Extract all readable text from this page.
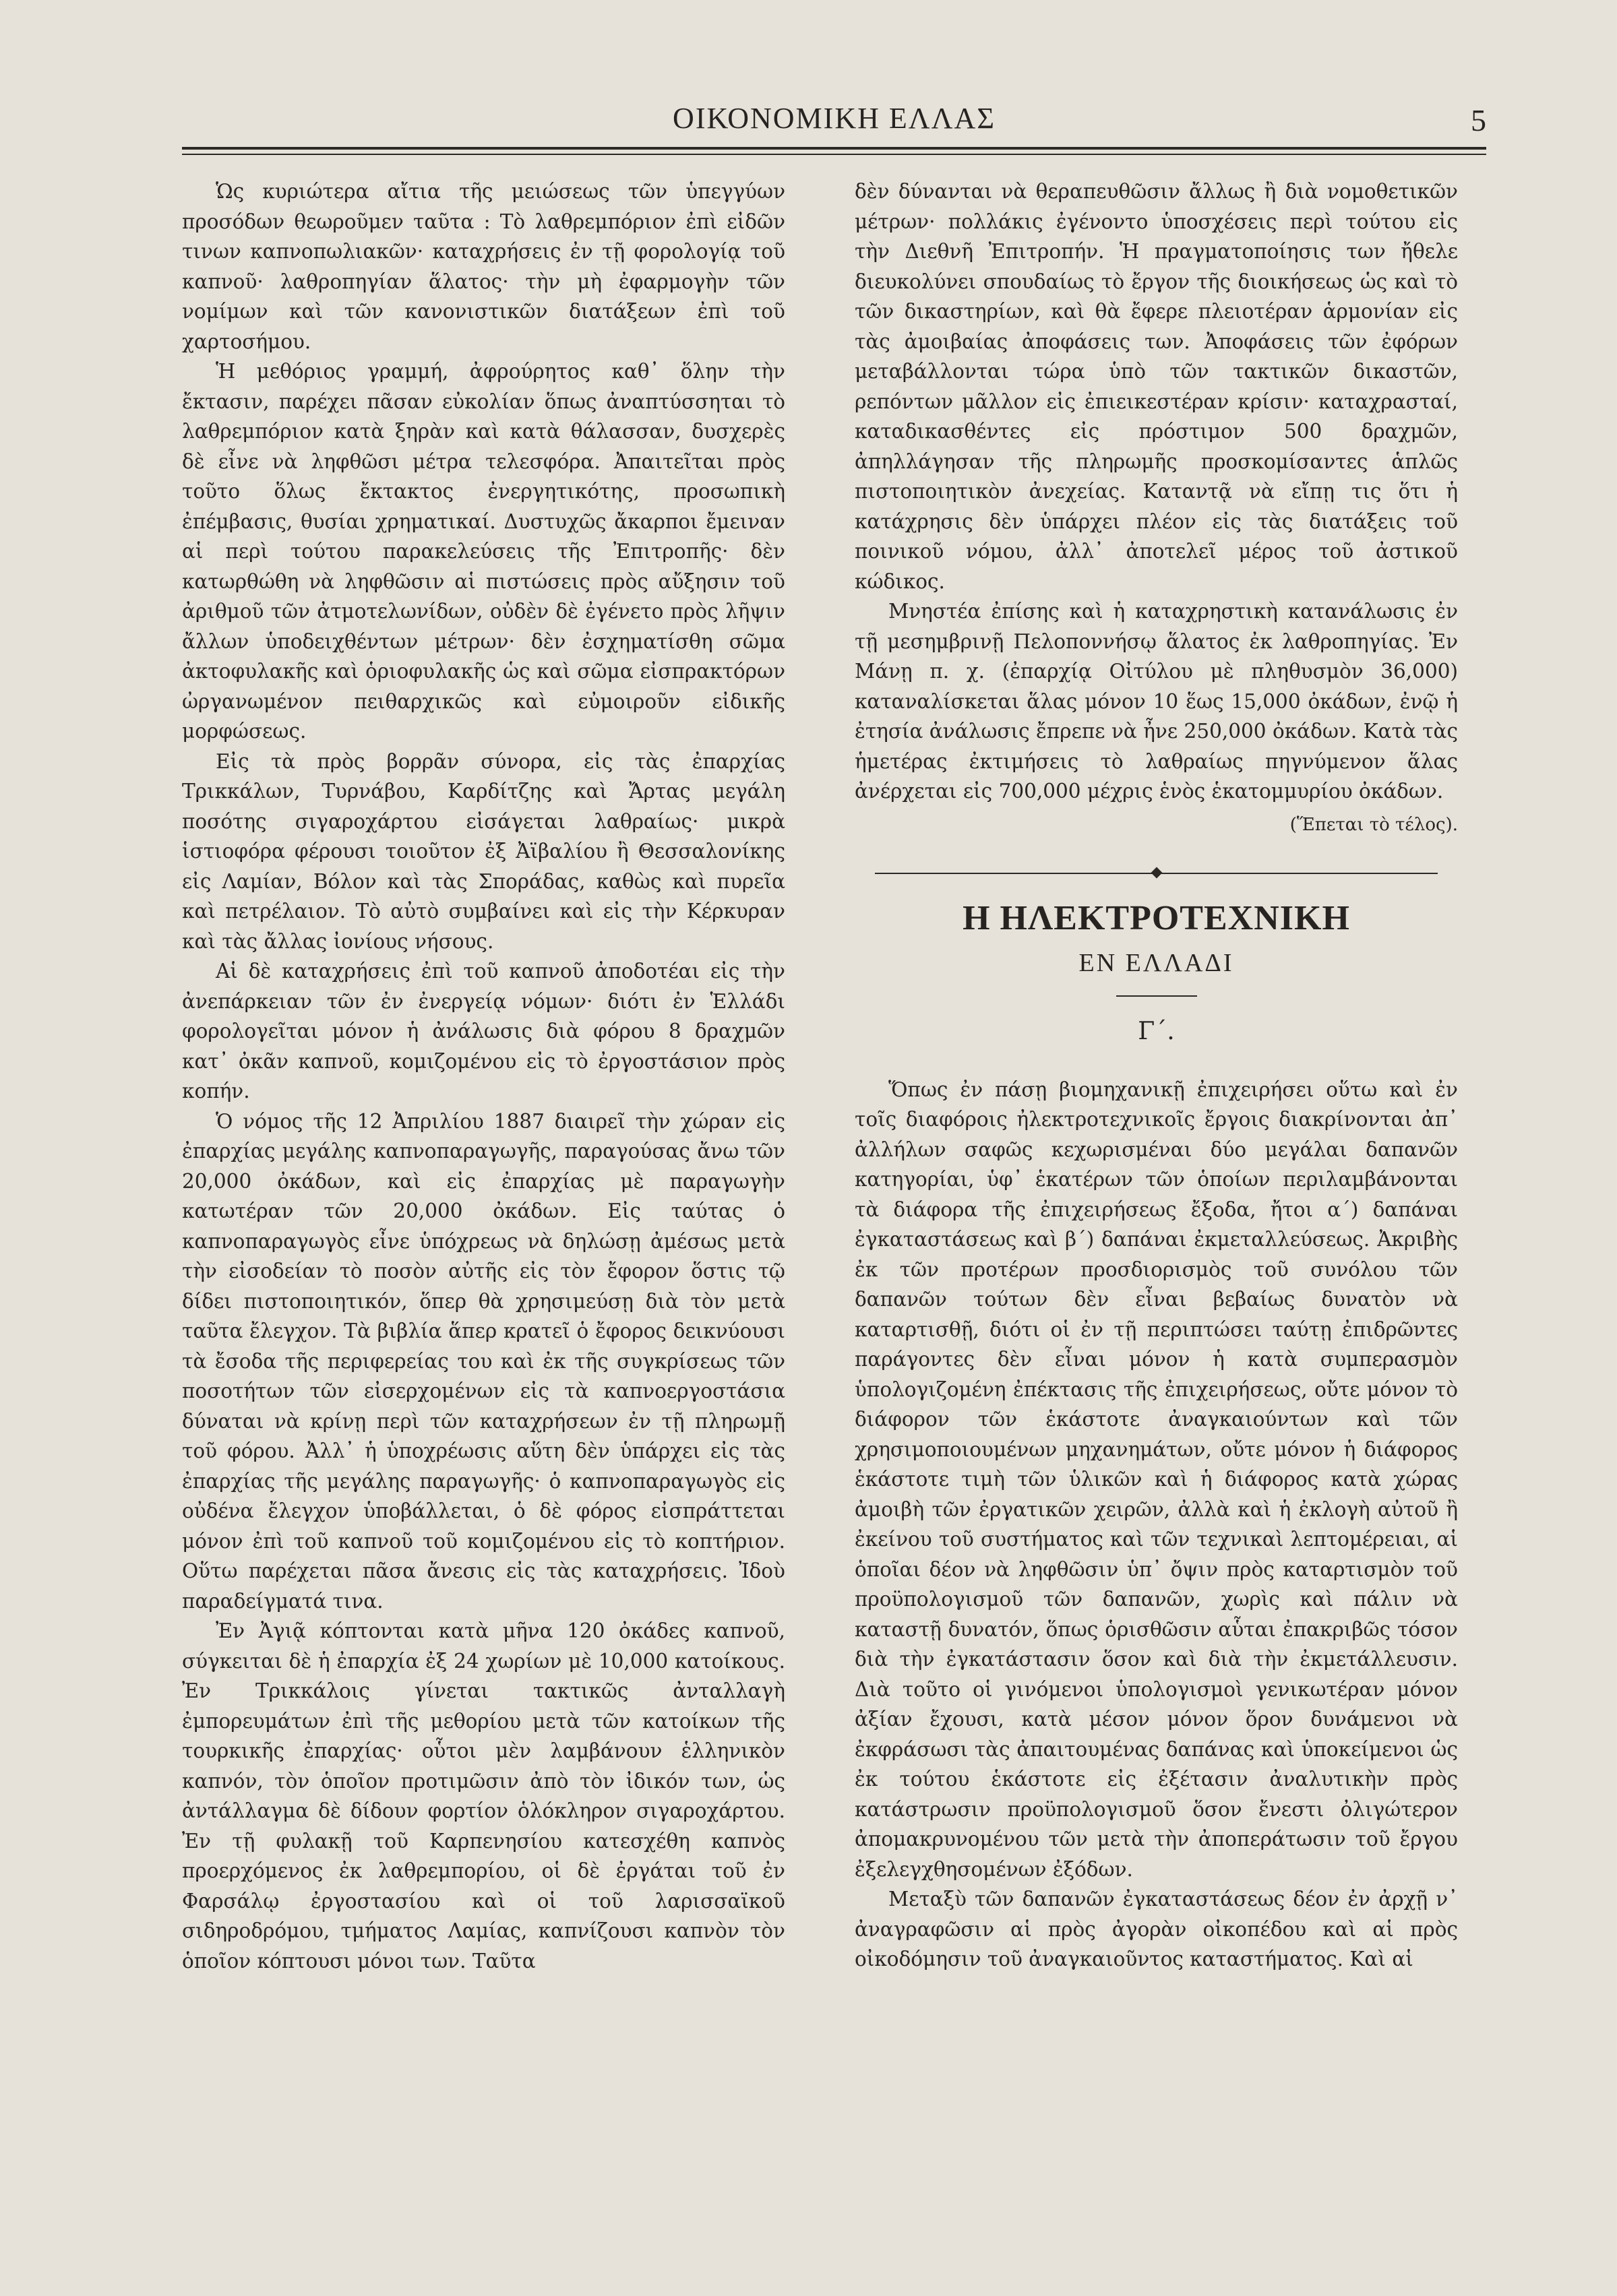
ΟΙΚΟΝΟΜΙΚΗ ΕΛΛΑΣ	5

Ὡς κυριώτερα αἴτια τῆς μειώσεως τῶν ὑπεγγύων προσόδων θεωροῦμεν ταῦτα : Τὸ λαθρεμπόριον ἐπὶ εἰδῶν τινων καπνοπωλιακῶν· καταχρήσεις ἐν τῇ φορολογίᾳ τοῦ καπνοῦ· λαθροπηγίαν ἅλατος· τὴν μὴ ἐφαρμογὴν τῶν νομίμων καὶ τῶν κανονιστικῶν διατάξεων ἐπὶ τοῦ χαρτοσήμου.

Ἡ μεθόριος γραμμή, ἀφρούρητος καθ᾽ ὅλην τὴν ἔκτασιν, παρέχει πᾶσαν εὐκολίαν ὅπως ἀναπτύσσηται τὸ λαθρεμπόριον κατὰ ξηρὰν καὶ κατὰ θάλασσαν, δυσχερὲς δὲ εἶνε νὰ ληφθῶσι μέτρα τελεσφόρα. Ἀπαιτεῖται πρὸς τοῦτο ὅλως ἔκτακτος ἐνεργητικότης, προσωπικὴ ἐπέμβασις, θυσίαι χρηματικαί. Δυστυχῶς ἄκαρποι ἔμειναν αἱ περὶ τούτου παρακελεύσεις τῆς Ἐπιτροπῆς· δὲν κατωρθώθη νὰ ληφθῶσιν αἱ πιστώσεις πρὸς αὔξησιν τοῦ ἀριθμοῦ τῶν ἀτμοτελωνίδων, οὐδὲν δὲ ἐγένετο πρὸς λῆψιν ἄλλων ὑποδειχθέντων μέτρων· δὲν ἐσχηματίσθη σῶμα ἀκτοφυλακῆς καὶ ὁριοφυλακῆς ὡς καὶ σῶμα εἰσπρακτόρων ὠργανωμένον πειθαρχικῶς καὶ εὐμοιροῦν εἰδικῆς μορφώσεως.

Εἰς τὰ πρὸς βορρᾶν σύνορα, εἰς τὰς ἐπαρχίας Τρικκάλων, Τυρνάβου, Καρδίτζης καὶ Ἄρτας μεγάλη ποσότης σιγαροχάρτου εἰσάγεται λαθραίως· μικρὰ ἱστιοφόρα φέρουσι τοιοῦτον ἐξ Ἀϊβαλίου ἢ Θεσσαλονίκης εἰς Λαμίαν, Βόλον καὶ τὰς Σποράδας, καθὼς καὶ πυρεῖα καὶ πετρέλαιον. Τὸ αὐτὸ συμβαίνει καὶ εἰς τὴν Κέρκυραν καὶ τὰς ἄλλας ἰονίους νήσους.

Αἱ δὲ καταχρήσεις ἐπὶ τοῦ καπνοῦ ἀποδοτέαι εἰς τὴν ἀνεπάρκειαν τῶν ἐν ἐνεργείᾳ νόμων· διότι ἐν Ἑλλάδι φορολογεῖται μόνον ἡ ἀνάλωσις διὰ φόρου 8 δραχμῶν κατ᾽ ὀκᾶν καπνοῦ, κομιζομένου εἰς τὸ ἐργοστάσιον πρὸς κοπήν.

Ὁ νόμος τῆς 12 Ἀπριλίου 1887 διαιρεῖ τὴν χώραν εἰς ἐπαρχίας μεγάλης καπνοπαραγωγῆς, παραγούσας ἄνω τῶν 20,000 ὀκάδων, καὶ εἰς ἐπαρχίας μὲ παραγωγὴν κατωτέραν τῶν 20,000 ὀκάδων. Εἰς ταύτας ὁ καπνοπαραγωγὸς εἶνε ὑπόχρεως νὰ δηλώσῃ ἀμέσως μετὰ τὴν εἰσοδείαν τὸ ποσὸν αὐτῆς εἰς τὸν ἔφορον ὅστις τῷ δίδει πιστοποιητικόν, ὅπερ θὰ χρησιμεύσῃ διὰ τὸν μετὰ ταῦτα ἔλεγχον. Τὰ βιβλία ἅπερ κρατεῖ ὁ ἔφορος δεικνύουσι τὰ ἔσοδα τῆς περιφερείας του καὶ ἐκ τῆς συγκρίσεως τῶν ποσοτήτων τῶν εἰσερχομένων εἰς τὰ καπνοεργοστάσια δύναται νὰ κρίνῃ περὶ τῶν καταχρήσεων ἐν τῇ πληρωμῇ τοῦ φόρου. Ἀλλ᾽ ἡ ὑποχρέωσις αὕτη δὲν ὑπάρχει εἰς τὰς ἐπαρχίας τῆς μεγάλης παραγωγῆς· ὁ καπνοπαραγωγὸς εἰς οὐδένα ἔλεγχον ὑποβάλλεται, ὁ δὲ φόρος εἰσπράττεται μόνον ἐπὶ τοῦ καπνοῦ τοῦ κομιζομένου εἰς τὸ κοπτήριον. Οὕτω παρέχεται πᾶσα ἄνεσις εἰς τὰς καταχρήσεις. Ἰδοὺ παραδείγματά τινα.

Ἐν Ἀγιᾷ κόπτονται κατὰ μῆνα 120 ὀκάδες καπνοῦ, σύγκειται δὲ ἡ ἐπαρχία ἐξ 24 χωρίων μὲ 10,000 κατοίκους. Ἐν Τρικκάλοις γίνεται τακτικῶς ἀνταλλαγὴ ἐμπορευμάτων ἐπὶ τῆς μεθορίου μετὰ τῶν κατοίκων τῆς τουρκικῆς ἐπαρχίας· οὗτοι μὲν λαμβάνουν ἑλληνικὸν καπνόν, τὸν ὁποῖον προτιμῶσιν ἀπὸ τὸν ἰδικόν των, ὡς ἀντάλλαγμα δὲ δίδουν φορτίον ὁλόκληρον σιγαροχάρτου. Ἐν τῇ φυλακῇ τοῦ Καρπενησίου κατεσχέθη καπνὸς προερχόμενος ἐκ λαθρεμπορίου, οἱ δὲ ἐργάται τοῦ ἐν Φαρσάλῳ ἐργοστασίου καὶ οἱ τοῦ λαρισσαϊκοῦ σιδηροδρόμου, τμήματος Λαμίας, καπνίζουσι καπνὸν τὸν ὁποῖον κόπτουσι μόνοι των. Ταῦτα

δὲν δύνανται νὰ θεραπευθῶσιν ἄλλως ἢ διὰ νομοθετικῶν μέτρων· πολλάκις ἐγένοντο ὑποσχέσεις περὶ τούτου εἰς τὴν Διεθνῆ Ἐπιτροπήν. Ἡ πραγματοποίησις των ἤθελε διευκολύνει σπουδαίως τὸ ἔργον τῆς διοικήσεως ὡς καὶ τὸ τῶν δικαστηρίων, καὶ θὰ ἔφερε πλειοτέραν ἁρμονίαν εἰς τὰς ἀμοιβαίας ἀποφάσεις των. Ἀποφάσεις τῶν ἐφόρων μεταβάλλονται τώρα ὑπὸ τῶν τακτικῶν δικαστῶν, ρεπόντων μᾶλλον εἰς ἐπιεικεστέραν κρίσιν· καταχρασταί, καταδικασθέντες εἰς πρόστιμον 500 δραχμῶν, ἀπηλλάγησαν τῆς πληρωμῆς προσκομίσαντες ἁπλῶς πιστοποιητικὸν ἀνεχείας. Καταντᾷ νὰ εἴπῃ τις ὅτι ἡ κατάχρησις δὲν ὑπάρχει πλέον εἰς τὰς διατάξεις τοῦ ποινικοῦ νόμου, ἀλλ᾽ ἀποτελεῖ μέρος τοῦ ἀστικοῦ κώδικος.

Μνηστέα ἐπίσης καὶ ἡ καταχρηστικὴ κατανάλωσις ἐν τῇ μεσημβρινῇ Πελοποννήσῳ ἅλατος ἐκ λαθροπηγίας. Ἐν Μάνῃ π. χ. (ἐπαρχίᾳ Οἰτύλου μὲ πληθυσμὸν 36,000) καταναλίσκεται ἅλας μόνον 10 ἕως 15,000 ὀκάδων, ἐνῷ ἡ ἐτησία ἀνάλωσις ἔπρεπε νὰ ἦνε 250,000 ὀκάδων. Κατὰ τὰς ἡμετέρας ἐκτιμήσεις τὸ λαθραίως πηγνύμενον ἅλας ἀνέρχεται εἰς 700,000 μέχρις ἑνὸς ἑκατομμυρίου ὀκάδων.

(Ἕπεται τὸ τέλος).
Η ΗΛΕΚΤΡΟΤΕΧΝΙΚΗ
ΕΝ ΕΛΛΑΔΙ
Γ΄.

Ὅπως ἐν πάσῃ βιομηχανικῇ ἐπιχειρήσει οὕτω καὶ ἐν τοῖς διαφόροις ἠλεκτροτεχνικοῖς ἔργοις διακρίνονται ἀπ᾽ ἀλλήλων σαφῶς κεχωρισμέναι δύο μεγάλαι δαπανῶν κατηγορίαι, ὑφ᾽ ἑκατέρων τῶν ὁποίων περιλαμβάνονται τὰ διάφορα τῆς ἐπιχειρήσεως ἔξοδα, ἤτοι α΄) δαπάναι ἐγκαταστάσεως καὶ β΄) δαπάναι ἐκμεταλλεύσεως. Ἀκριβὴς ἐκ τῶν προτέρων προσδιορισμὸς τοῦ συνόλου τῶν δαπανῶν τούτων δὲν εἶναι βεβαίως δυνατὸν νὰ καταρτισθῇ, διότι οἱ ἐν τῇ περιπτώσει ταύτῃ ἐπιδρῶντες παράγοντες δὲν εἶναι μόνον ἡ κατὰ συμπερασμὸν ὑπολογιζομένη ἐπέκτασις τῆς ἐπιχειρήσεως, οὔτε μόνον τὸ διάφορον τῶν ἑκάστοτε ἀναγκαιούντων καὶ τῶν χρησιμοποιουμένων μηχανημάτων, οὔτε μόνον ἡ διάφορος ἑκάστοτε τιμὴ τῶν ὑλικῶν καὶ ἡ διάφορος κατὰ χώρας ἀμοιβὴ τῶν ἐργατικῶν χειρῶν, ἀλλὰ καὶ ἡ ἐκλογὴ αὐτοῦ ἢ ἐκείνου τοῦ συστήματος καὶ τῶν τεχνικαὶ λεπτομέρειαι, αἱ ὁποῖαι δέον νὰ ληφθῶσιν ὑπ᾽ ὄψιν πρὸς καταρτισμὸν τοῦ προϋπολογισμοῦ τῶν δαπανῶν, χωρὶς καὶ πάλιν νὰ καταστῇ δυνατόν, ὅπως ὁρισθῶσιν αὗται ἐπακριβῶς τόσον διὰ τὴν ἐγκατάστασιν ὅσον καὶ διὰ τὴν ἐκμετάλλευσιν. Διὰ τοῦτο οἱ γινόμενοι ὑπολογισμοὶ γενικωτέραν μόνον ἀξίαν ἔχουσι, κατὰ μέσον μόνον ὅρον δυνάμενοι νὰ ἐκφράσωσι τὰς ἀπαιτουμένας δαπάνας καὶ ὑποκείμενοι ὡς ἐκ τούτου ἑκάστοτε εἰς ἐξέτασιν ἀναλυτικὴν πρὸς κατάστρωσιν προϋπολογισμοῦ ὅσον ἔνεστι ὀλιγώτερον ἀπομακρυνομένου τῶν μετὰ τὴν ἀποπεράτωσιν τοῦ ἔργου ἐξελεγχθησομένων ἐξόδων.

Μεταξὺ τῶν δαπανῶν ἐγκαταστάσεως δέον ἐν ἀρχῇ ν᾽ ἀναγραφῶσιν αἱ πρὸς ἀγορὰν οἰκοπέδου καὶ αἱ πρὸς οἰκοδόμησιν τοῦ ἀναγκαιοῦντος καταστήματος. Καὶ αἱ
